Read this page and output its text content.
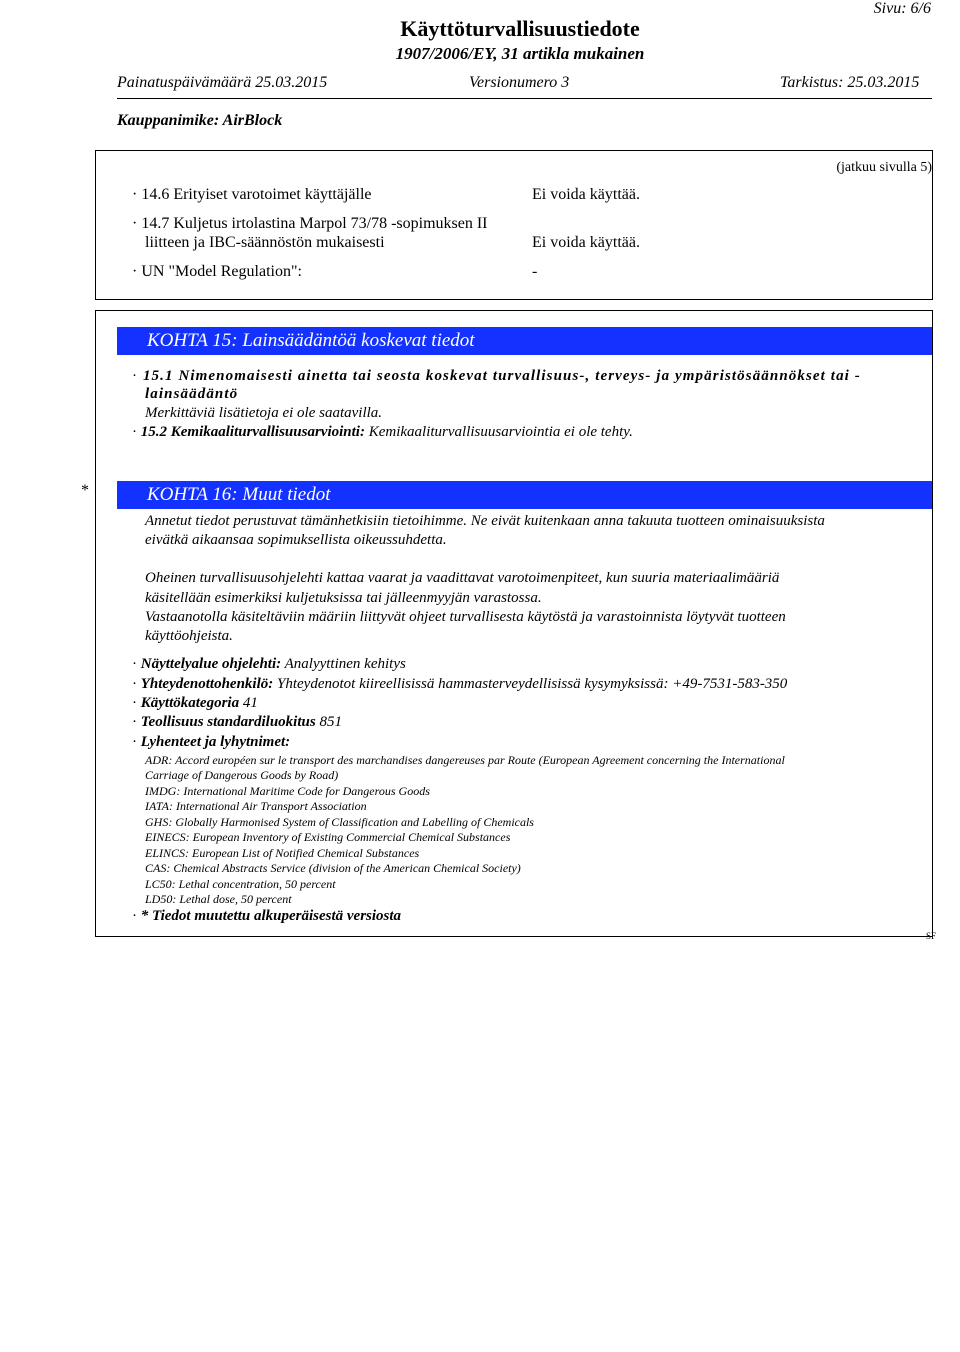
Sivu: 6/6
Käyttöturvallisuustiedote
1907/2006/EY, 31 artikla mukainen
Painatuspäivämäärä 25.03.2015	Versionumero 3	Tarkistus: 25.03.2015
Kauppanimike: AirBlock
(jatkuu sivulla 5)
· 14.6 Erityiset varotoimet käyttäjälle	Ei voida käyttää.
· 14.7 Kuljetus irtolastina Marpol 73/78 -sopimuksen II
liitteen ja IBC-säännöstön mukaisesti	Ei voida käyttää.
· UN "Model Regulation":	-
KOHTA 15: Lainsäädäntöä koskevat tiedot
· 15.1 Nimenomaisesti ainetta tai seosta koskevat turvallisuus-, terveys- ja ympäristösäännökset tai -
lainsäädäntö
Merkittäviä lisätietoja ei ole saatavilla.
· 15.2 Kemikaaliturvallisuusarviointi: Kemikaaliturvallisuusarviointia ei ole tehty.
*	KOHTA 16: Muut tiedot
Annetut tiedot perustuvat tämänhetkisiin tietoihimme. Ne eivät kuitenkaan anna takuuta tuotteen ominaisuuksista
eivätkä aikaansaa sopimuksellista oikeussuhdetta.
Oheinen turvallisuusohjelehti kattaa vaarat ja vaadittavat varotoimenpiteet, kun suuria materiaalimääriä
käsitellään esimerkiksi kuljetuksissa tai jälleenmyyjän varastossa.
Vastaanotolla käsiteltäviin määriin liittyvät ohjeet turvallisesta käytöstä ja varastoinnista löytyvät tuotteen
käyttöohjeista.
· Näyttelyalue ohjelehti: Analyyttinen kehitys
· Yhteydenottohenkilö: Yhteydenotot kiireellisissä hammasterveydellisissä kysymyksissä: +49-7531-583-350
· Käyttökategoria 41
· Teollisuus standardiluokitus 851
· Lyhenteet ja lyhytnimet:
ADR: Accord européen sur le transport des marchandises dangereuses par Route (European Agreement concerning the International
Carriage of Dangerous Goods by Road)
IMDG: International Maritime Code for Dangerous Goods
IATA: International Air Transport Association
GHS: Globally Harmonised System of Classification and Labelling of Chemicals
EINECS: European Inventory of Existing Commercial Chemical Substances
ELINCS: European List of Notified Chemical Substances
CAS: Chemical Abstracts Service (division of the American Chemical Society)
LC50: Lethal concentration, 50 percent
LD50: Lethal dose, 50 percent
· * Tiedot muutettu alkuperäisestä versiosta
SF
